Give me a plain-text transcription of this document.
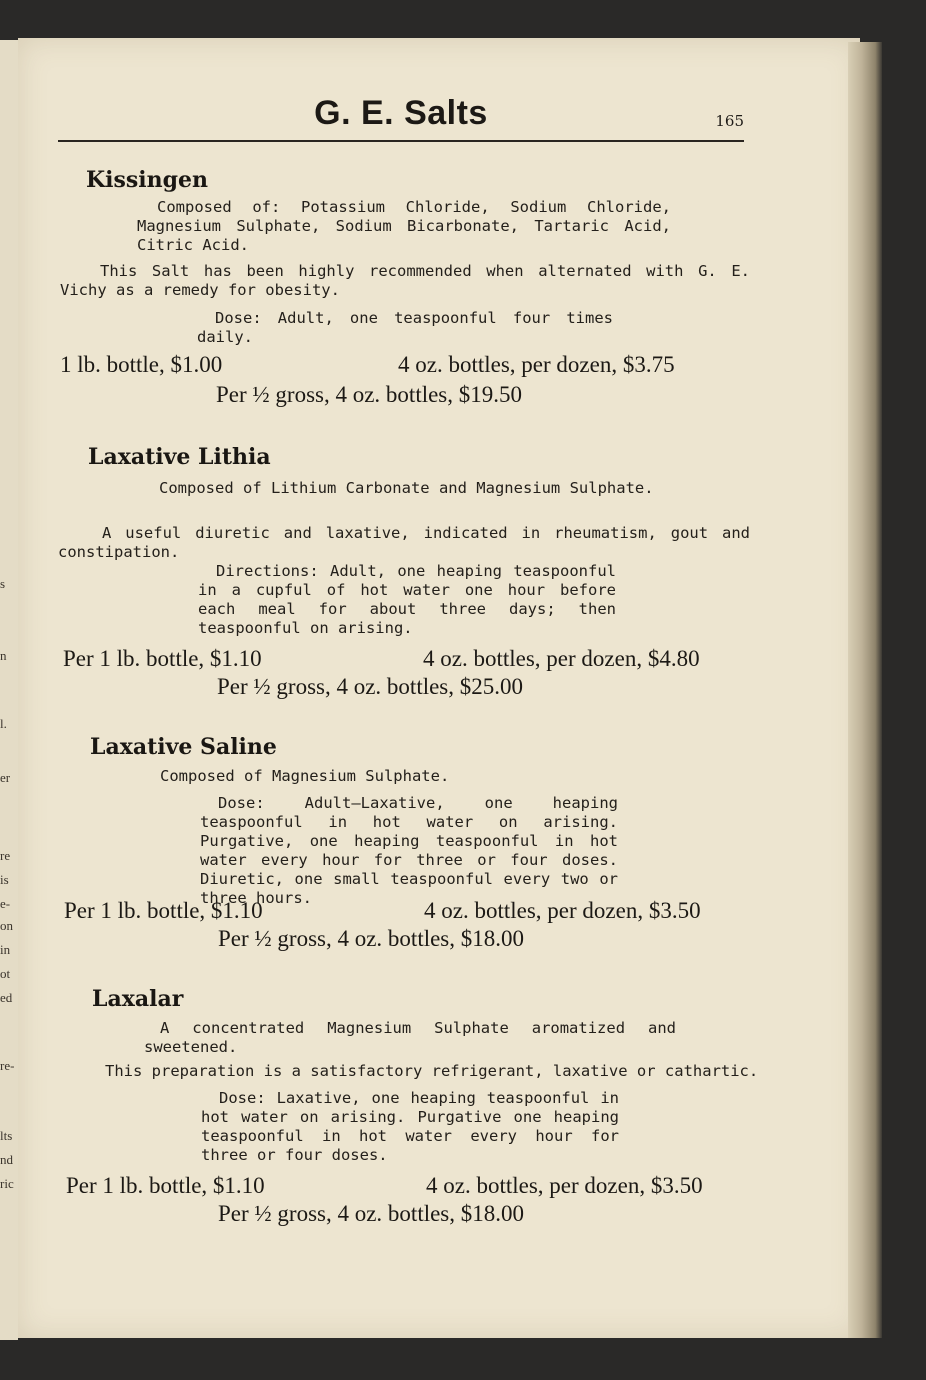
s
n
l.
er
re
is
e-
on
in
ot
ed
re-
lts
nd
ric
G. E. Salts	165
Kissingen

Composed of: Potassium Chloride, Sodium Chloride, Magnesium Sulphate, Sodium Bicarbonate, Tartaric Acid, Citric Acid.

This Salt has been highly recommended when alternated with G. E. Vichy as a remedy for obesity.

Dose: Adult, one teaspoonful four times daily.

1 lb. bottle, $1.00	4 oz. bottles, per dozen, $3.75

Per ½ gross, 4 oz. bottles, $19.50

Laxative Lithia

Composed of Lithium Carbonate and Magnesium Sulphate.

A useful diuretic and laxative, indicated in rheumatism, gout and constipation.

Directions: Adult, one heaping teaspoonful in a cupful of hot water one hour before each meal for about three days; then teaspoonful on arising.

Per 1 lb. bottle, $1.10	4 oz. bottles, per dozen, $4.80

Per ½ gross, 4 oz. bottles, $25.00

Laxative Saline

Composed of Magnesium Sulphate.

Dose: Adult—Laxative, one heaping teaspoonful in hot water on arising. Purgative, one heaping teaspoonful in hot water every hour for three or four doses. Diuretic, one small teaspoonful every two or three hours.

Per 1 lb. bottle, $1.10	4 oz. bottles, per dozen, $3.50

Per ½ gross, 4 oz. bottles, $18.00

Laxalar

A concentrated Magnesium Sulphate aromatized and sweetened.

This preparation is a satisfactory refrigerant, laxative or cathartic.

Dose: Laxative, one heaping teaspoonful in hot water on arising. Purgative one heaping teaspoonful in hot water every hour for three or four doses.

Per 1 lb. bottle, $1.10	4 oz. bottles, per dozen, $3.50

Per ½ gross, 4 oz. bottles, $18.00
